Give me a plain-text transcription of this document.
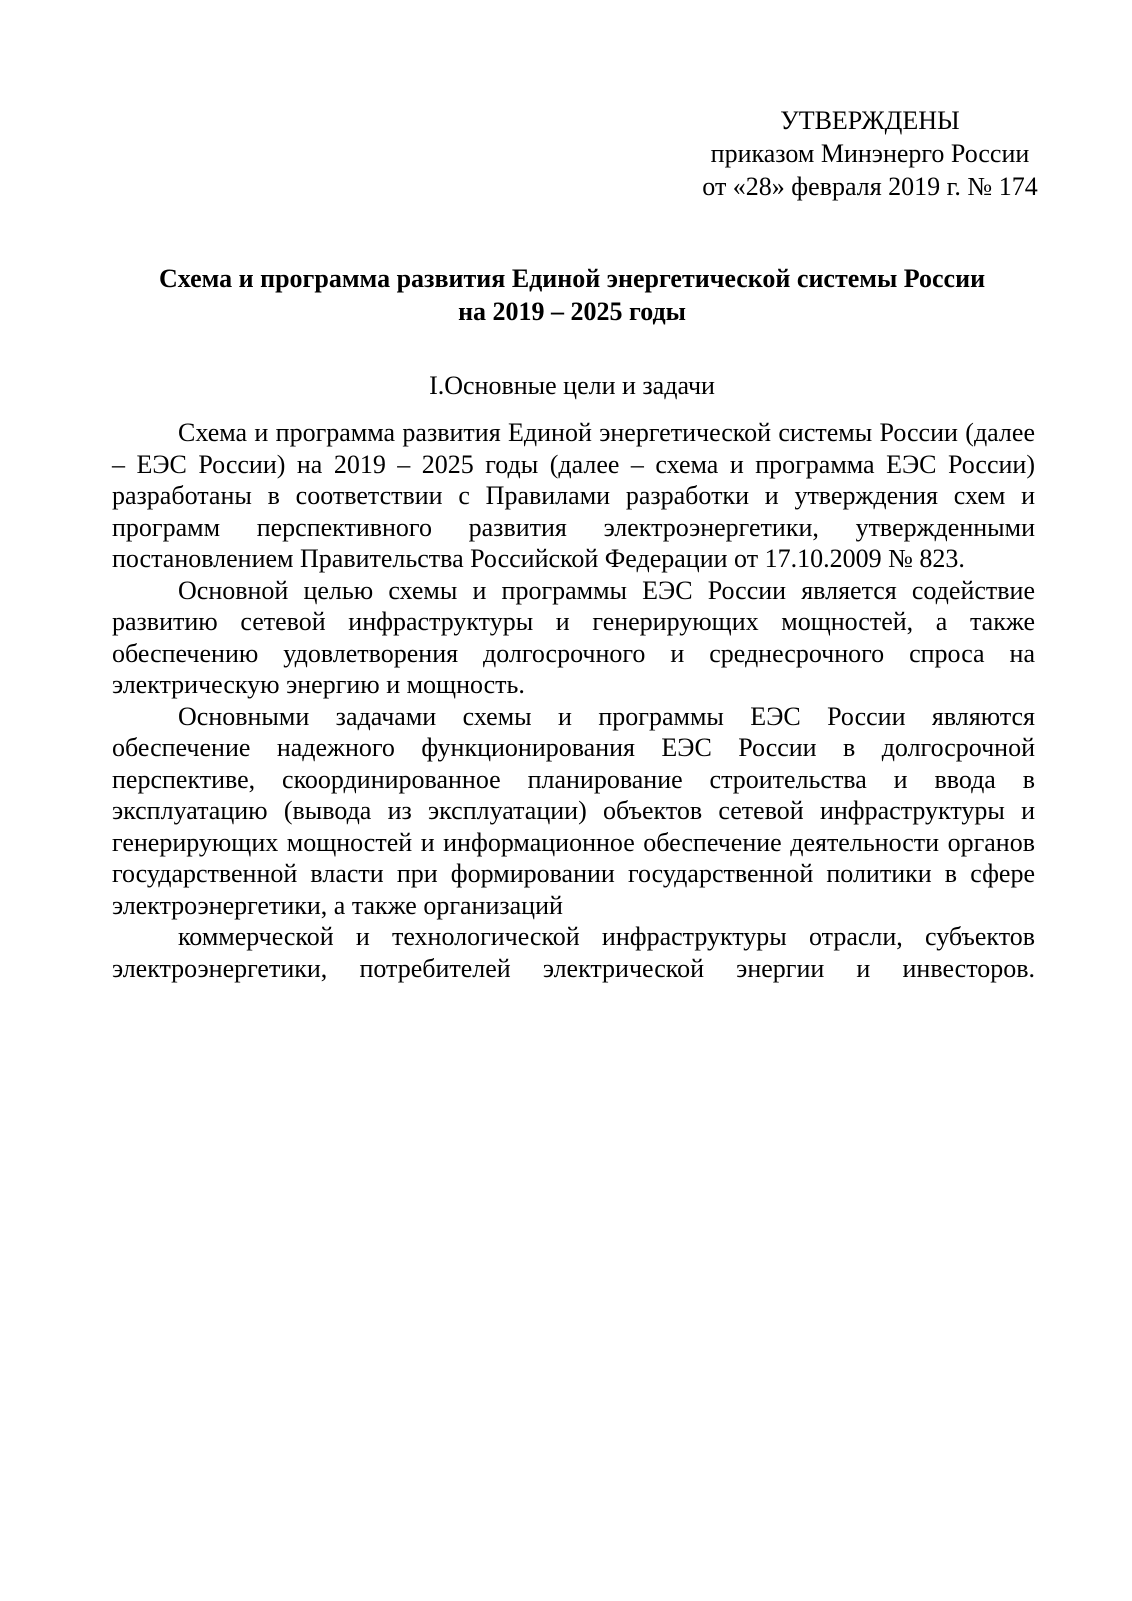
УТВЕРЖДЕНЫ
приказом Минэнерго России
от «28» февраля 2019 г. № 174
Схема и программа развития Единой энергетической системы России
на 2019 – 2025 годы
I.Основные цели и задачи

Схема и программа развития Единой энергетической системы России (далее – ЕЭС России) на 2019 – 2025 годы (далее – схема и программа ЕЭС России) разработаны в соответствии с Правилами разработки и утверждения схем и программ перспективного развития электроэнергетики, утвержденными постановлением Правительства Российской Федерации от 17.10.2009 № 823.

Основной целью схемы и программы ЕЭС России является содействие развитию сетевой инфраструктуры и генерирующих мощностей, а также обеспечению удовлетворения долгосрочного и среднесрочного спроса на электрическую энергию и мощность.

Основными задачами схемы и программы ЕЭС России являются обеспечение надежного функционирования ЕЭС России в долгосрочной перспективе, скоординированное планирование строительства и ввода в эксплуатацию (вывода из эксплуатации) объектов сетевой инфраструктуры и генерирующих мощностей и информационное обеспечение деятельности органов государственной власти при формировании государственной политики в сфере электроэнергетики, а также организаций

коммерческой и технологической инфраструктуры отрасли, субъектов электроэнергетики, потребителей электрической энергии и инвесторов.
